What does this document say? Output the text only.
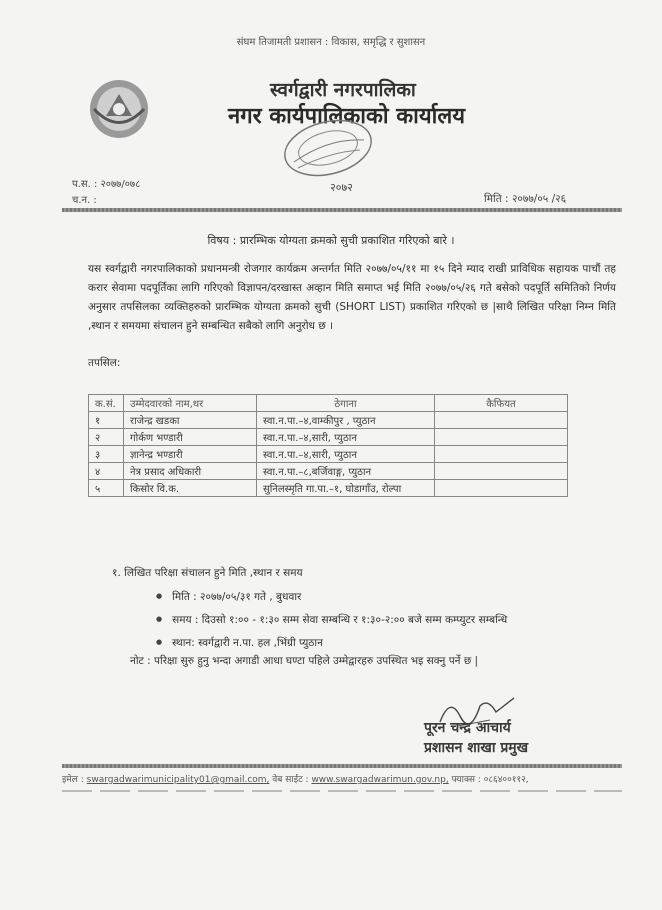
संघम तिजामती प्रशासन : विकास, समृद्धि र सुशासन
स्वर्गद्वारी नगरपालिका
नगर कार्यपालिकाको कार्यालय
२०७२
प.स. : २०७७/०७८
च.न. :	मिति : २०७७/०५ /२६
विषय : प्रारम्भिक योग्यता क्रमको सुची प्रकाशित गरिएको बारे ।
यस स्वर्गद्वारी नगरपालिकाको प्रधानमन्त्री रोजगार कार्यक्रम अन्तर्गत मिति २०७७/०५/११ मा १५ दिने म्याद राखी प्राविधिक सहायक पाचौं तह करार सेवामा पदपूर्तिका लागि गरिएको विज्ञापन/दरखास्त अव्हान मिति समाप्त भई मिति २०७७/०५/२६ गते बसेको पदपूर्ति समितिको निर्णय अनुसार तपसिलका व्यक्तिहरुको प्रारम्भिक योग्यता क्रमको सुची (SHORT LIST) प्रकाशित गरिएको छ |साथै लिखित परिक्षा निम्न मिति ,स्थान र समयमा संचालन हुने सम्बन्धित सबैको लागि अनुरोध छ ।
तपसिल:
क.सं.	उम्मेदवारको नाम,थर	ठेगाना	कैफियत
१	राजेन्द्र खडका	स्वा.न.पा.–४,वाम्कीपुर , प्युठान	
२	गोर्कण भण्डारी	स्वा.न.पा.–४,सारी, प्युठान	
३	ज्ञानेन्द्र भण्डारी	स्वा.न.पा.–४,सारी, प्युठान	
४	नेत्र प्रसाद अधिकारी	स्वा.न.पा.–८,बर्जिवाङ्ग, प्युठान	
५	किसोर वि.क.	सुनिलस्मृति गा.पा.–१, घोडागाँउ, रोल्पा	
१. लिखित परिक्षा संचालन हुने मिति ,स्थान र समय
● मिति : २०७७/०५/३१ गते , बुधवार
● समय : दिउसो १:०० - १:३० सम्म सेवा सम्बन्धि र १:३०-२:०० बजे सम्म कम्प्युटर सम्बन्धि
● स्थान: स्वर्गद्वारी न.पा. हल ,भिंग्री प्युठान
नोट : परिक्षा सुरु हुनु भन्दा अगाडी आधा घण्टा पहिले उम्मेद्वारहरु उपस्थित भइ सक्नु पर्ने छ |
पूरन चन्द्र आचार्य
प्रशासन शाखा प्रमुख
इमेल : swargadwarimunicipality01@gmail.com, वेब साईट : www.swargadwarimun.gov.np, फ्याक्स : ०८६४००११२,
